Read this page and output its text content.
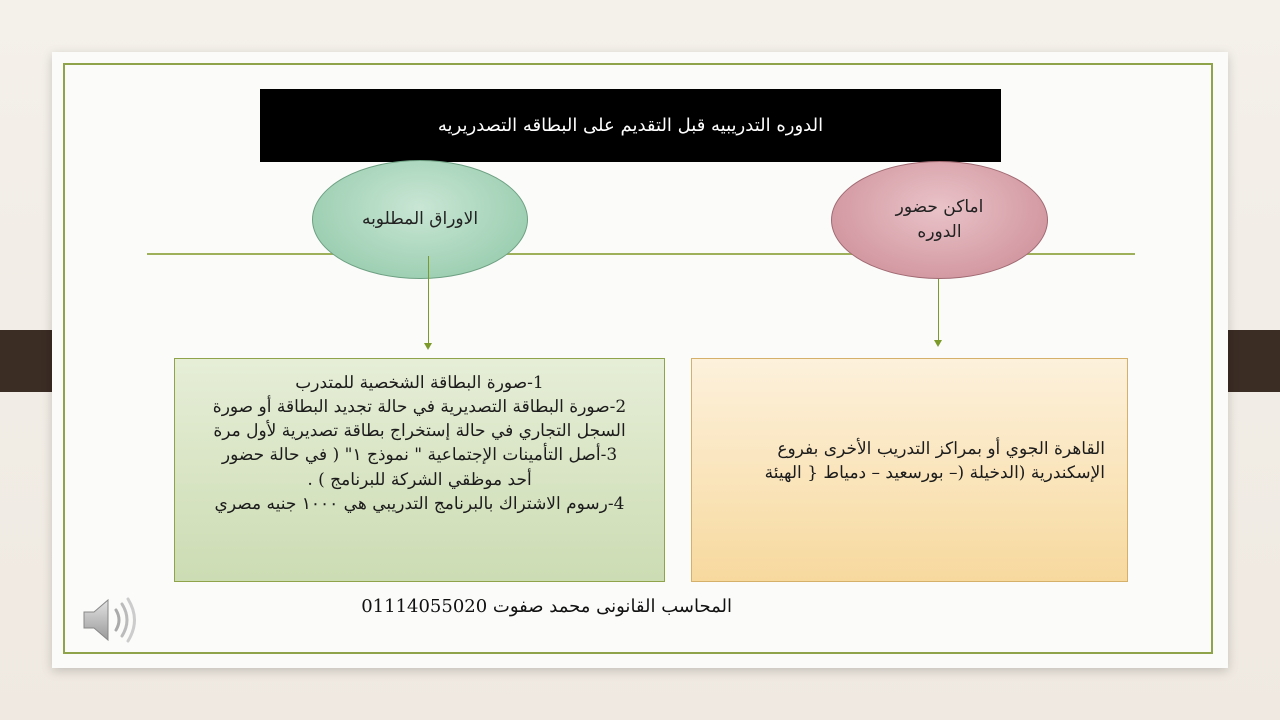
الدوره التدريبيه قبل التقديم على البطاقه التصدريريه
الاوراق المطلوبه
اماكن حضور
الدوره

1-صورة البطاقة الشخصية للمتدرب

2-صورة البطاقة التصديرية في حالة تجديد البطاقة أو صورة

السجل التجاري في حالة إستخراج بطاقة تصديرية لأول مرة

3-أصل التأمينات الإجتماعية " نموذج ١" ( في حالة حضور

أحد موظقي الشركة للبرنامج ) .

4-رسوم الاشتراك بالبرنامج التدريبي هي ١٠٠٠ جنيه مصري

القاهرة الجوي أو بمراكز التدريب الأخرى بفروع

الإسكندرية (الدخيلة (– بورسعيد – دمياط { الهيئة

المحاسب القانونى محمد صفوت 01114055020
